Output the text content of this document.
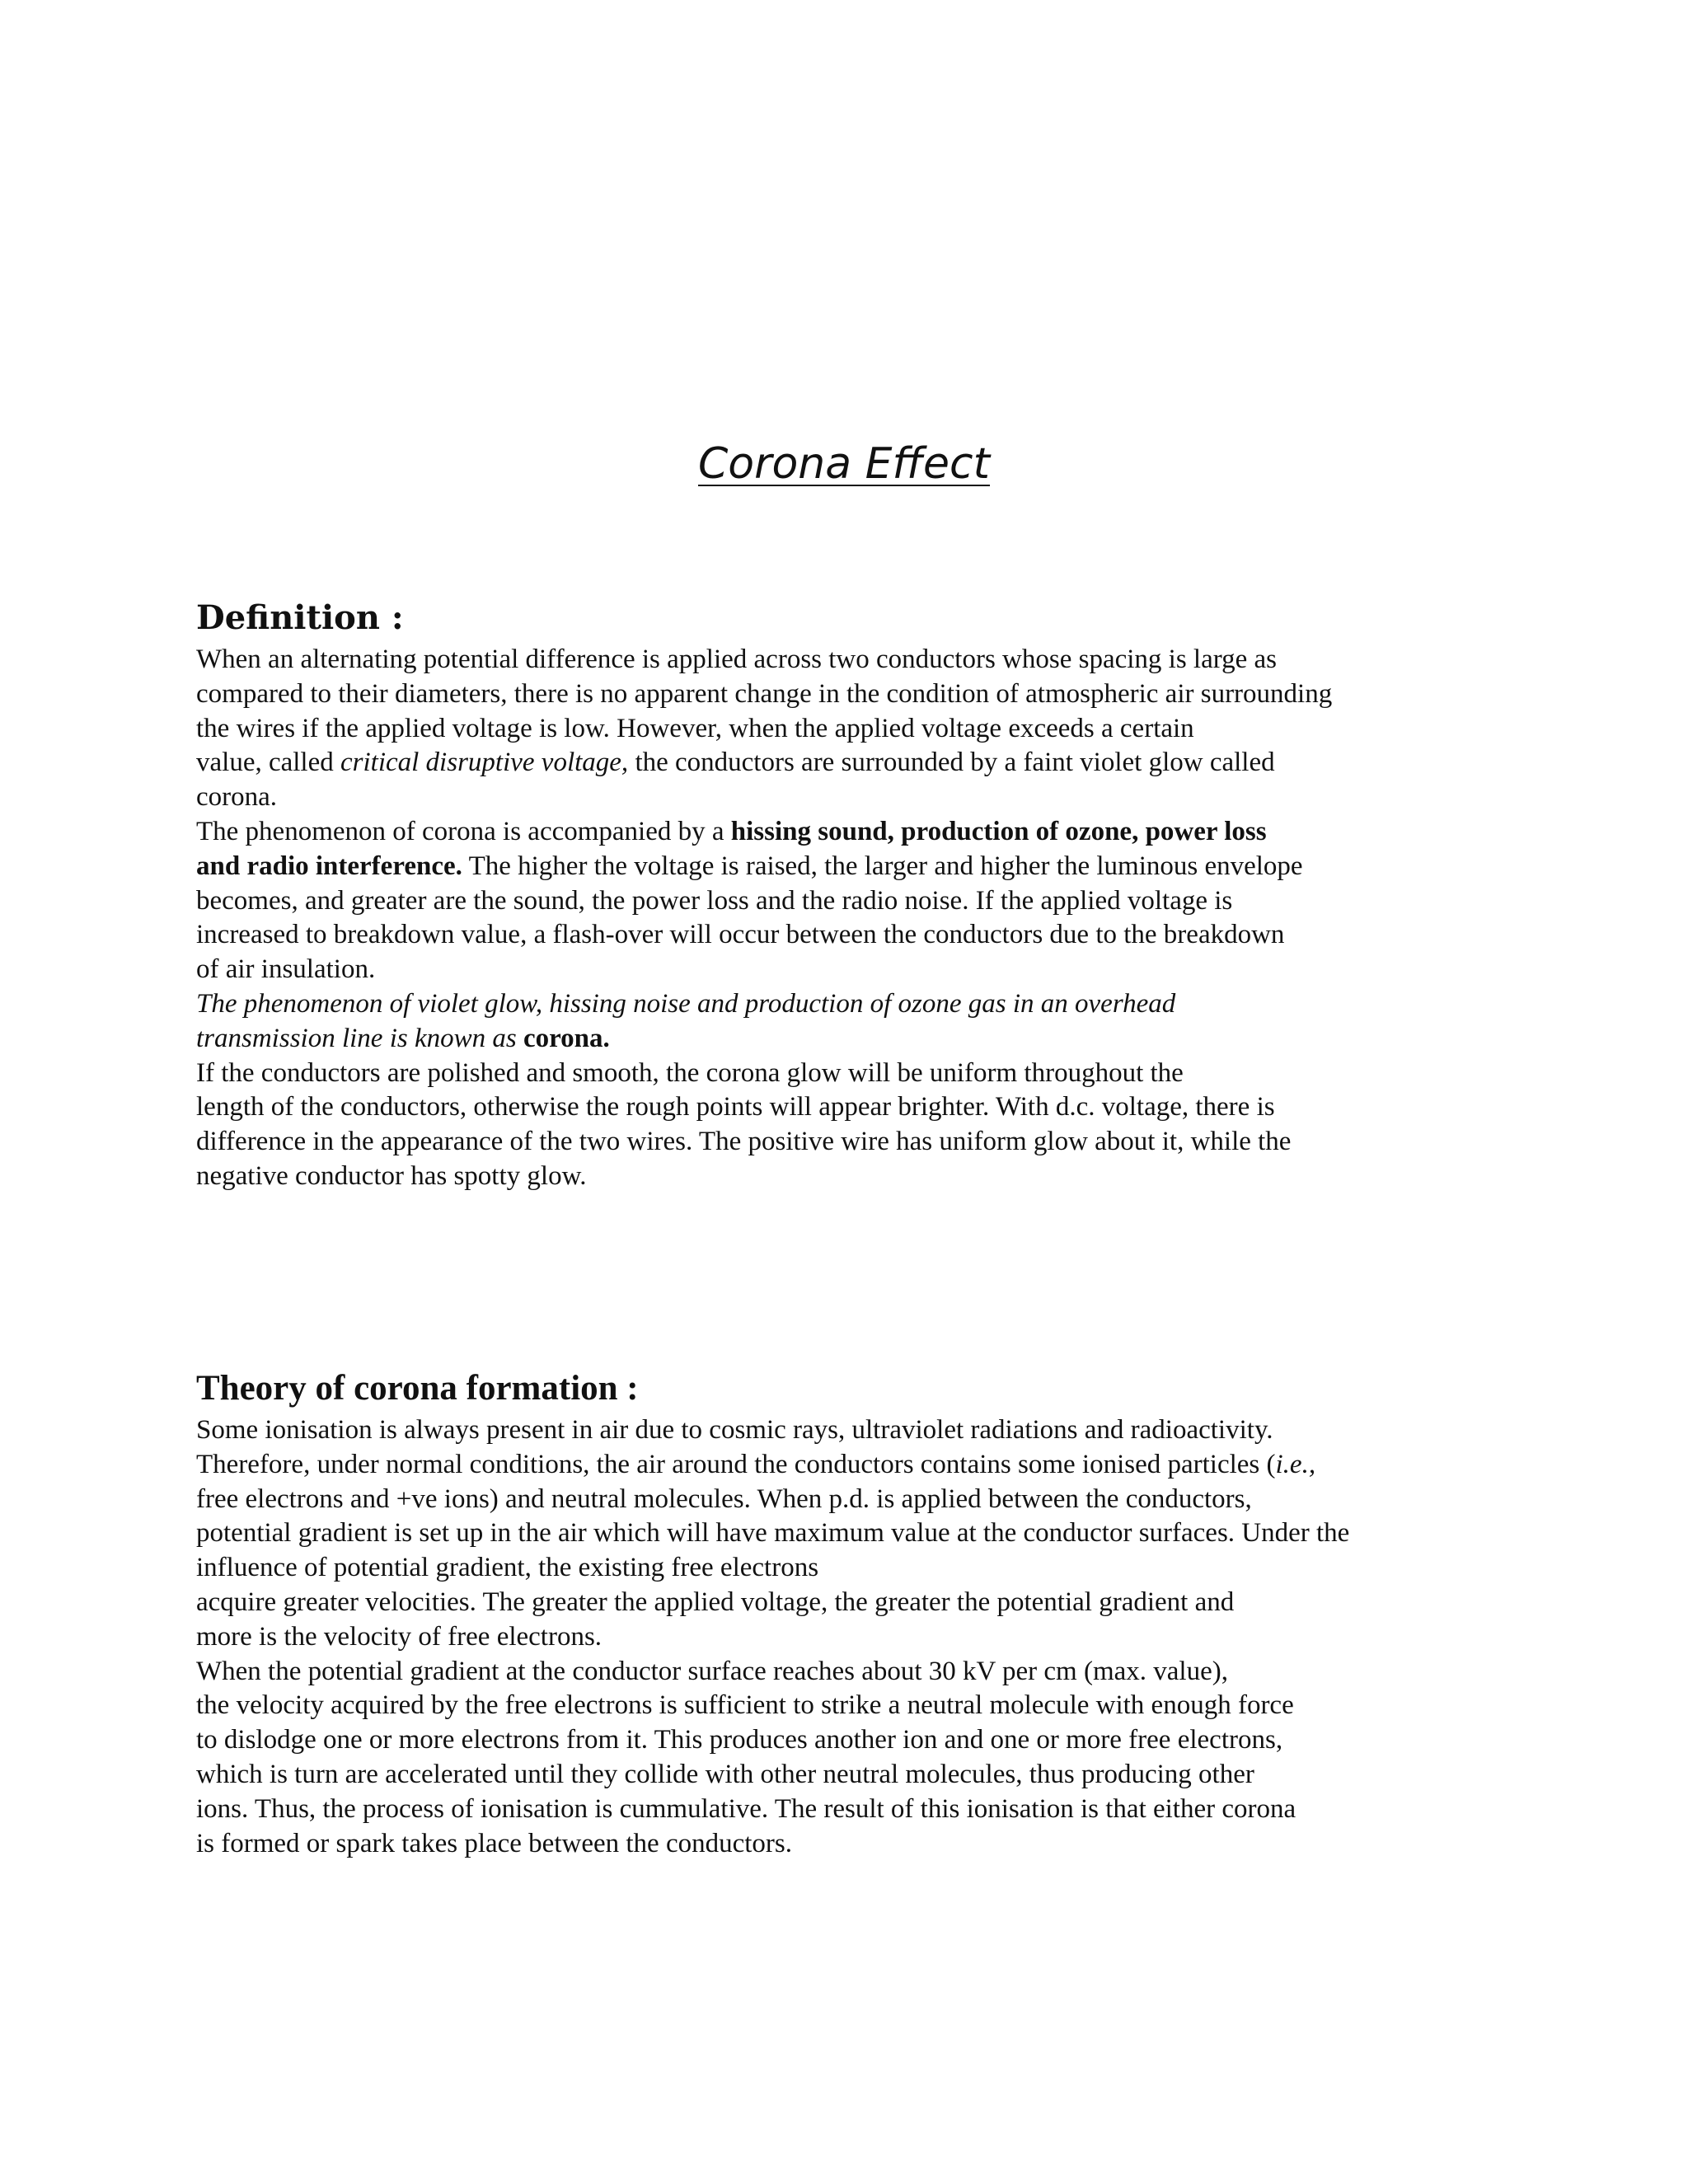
Corona Effect
Definition :
When an alternating potential difference is applied across two conductors whose spacing is large as
compared to their diameters, there is no apparent change in the condition of atmospheric air surrounding
the wires if the applied voltage is low. However, when the applied voltage exceeds a certain
value, called critical disruptive voltage, the conductors are surrounded by a faint violet glow called
corona.
The phenomenon of corona is accompanied by a hissing sound, production of ozone, power loss
and radio interference. The higher the voltage is raised, the larger and higher the luminous envelope
becomes, and greater are the sound, the power loss and the radio noise. If the applied voltage is
increased to breakdown value, a flash-over will occur between the conductors due to the breakdown
of air insulation.
The phenomenon of violet glow, hissing noise and production of ozone gas in an overhead
transmission line is known as corona.
If the conductors are polished and smooth, the corona glow will be uniform throughout the
length of the conductors, otherwise the rough points will appear brighter. With d.c. voltage, there is
difference in the appearance of the two wires. The positive wire has uniform glow about it, while the
negative conductor has spotty glow.
Theory of corona formation :
Some ionisation is always present in air due to cosmic rays, ultraviolet radiations and radioactivity.
Therefore, under normal conditions, the air around the conductors contains some ionised particles (i.e.,
free electrons and +ve ions) and neutral molecules. When p.d. is applied between the conductors,
potential gradient is set up in the air which will have maximum value at the conductor surfaces. Under the
influence of potential gradient, the existing free electrons
acquire greater velocities. The greater the applied voltage, the greater the potential gradient and
more is the velocity of free electrons.
When the potential gradient at the conductor surface reaches about 30 kV per cm (max. value),
the velocity acquired by the free electrons is sufficient to strike a neutral molecule with enough force
to dislodge one or more electrons from it. This produces another ion and one or more free electrons,
which is turn are accelerated until they collide with other neutral molecules, thus producing other
ions. Thus, the process of ionisation is cummulative. The result of this ionisation is that either corona
is formed or spark takes place between the conductors.
